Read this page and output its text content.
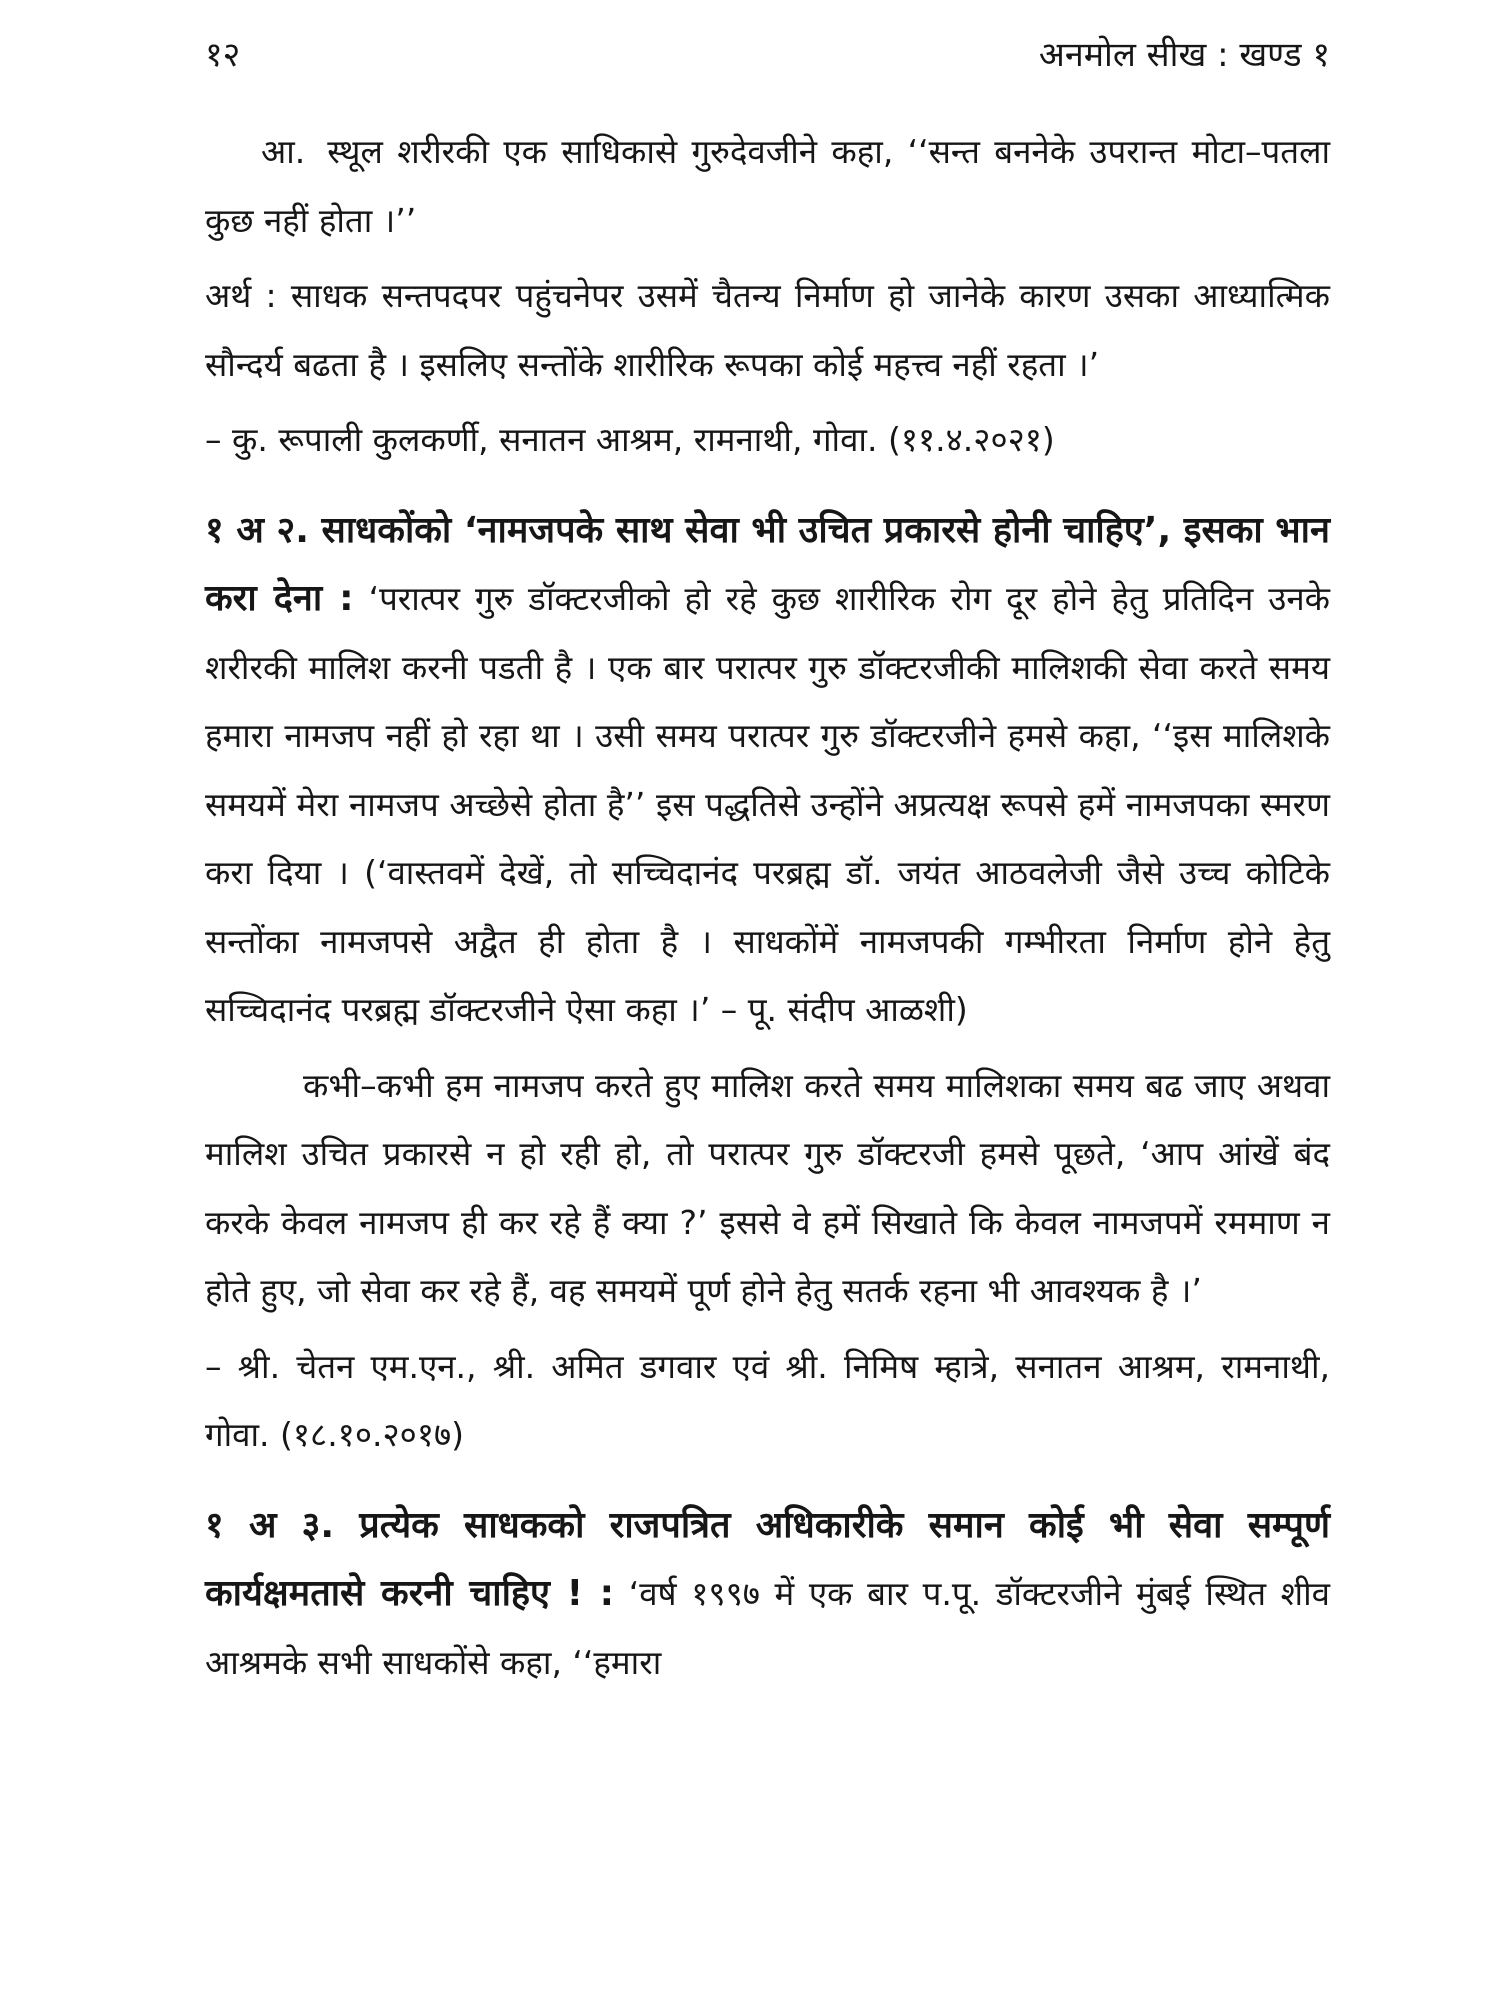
१२	अनमोल सीख : खण्ड १

आ. स्थूल शरीरकी एक साधिकासे गुरुदेवजीने कहा, ‘‘सन्त बननेके उपरान्त मोटा–पतला कुछ नहीं होता ।’’

अर्थ : साधक सन्तपदपर पहुंचनेपर उसमें चैतन्य निर्माण हो जानेके कारण उसका आध्यात्मिक सौन्दर्य बढता है । इसलिए सन्तोंके शारीरिक रूपका कोई महत्त्व नहीं रहता ।’

– कु. रूपाली कुलकर्णी, सनातन आश्रम, रामनाथी, गोवा. (११.४.२०२१)

१ अ २. साधकोंको ‘नामजपके साथ सेवा भी उचित प्रकारसे होनी चाहिए’, इसका भान करा देना : ‘परात्पर गुरु डॉक्टरजीको हो रहे कुछ शारीरिक रोग दूर होने हेतु प्रतिदिन उनके शरीरकी मालिश करनी पडती है । एक बार परात्पर गुरु डॉक्टरजीकी मालिशकी सेवा करते समय हमारा नामजप नहीं हो रहा था । उसी समय परात्पर गुरु डॉक्टरजीने हमसे कहा, ‘‘इस मालिशके समयमें मेरा नामजप अच्छेसे होता है’’ इस पद्धतिसे उन्होंने अप्रत्यक्ष रूपसे हमें नामजपका स्मरण करा दिया । (‘वास्तवमें देखें, तो सच्चिदानंद परब्रह्म डॉ. जयंत आठवलेजी जैसे उच्च कोटिके सन्तोंका नामजपसे अद्वैत ही होता है । साधकोंमें नामजपकी गम्भीरता निर्माण होने हेतु सच्चिदानंद परब्रह्म डॉक्टरजीने ऐसा कहा ।’ – पू. संदीप आळशी)

कभी–कभी हम नामजप करते हुए मालिश करते समय मालिशका समय बढ जाए अथवा मालिश उचित प्रकारसे न हो रही हो, तो परात्पर गुरु डॉक्टरजी हमसे पूछते, ‘आप आंखें बंद करके केवल नामजप ही कर रहे हैं क्या ?’ इससे वे हमें सिखाते कि केवल नामजपमें रममाण न होते हुए, जो सेवा कर रहे हैं, वह समयमें पूर्ण होने हेतु सतर्क रहना भी आवश्यक है ।’

– श्री. चेतन एम.एन., श्री. अमित डगवार एवं श्री. निमिष म्हात्रे, सनातन आश्रम, रामनाथी, गोवा. (१८.१०.२०१७)

१ अ ३. प्रत्येक साधकको राजपत्रित अधिकारीके समान कोई भी सेवा सम्पूर्ण कार्यक्षमतासे करनी चाहिए ! : ‘वर्ष १९९७ में एक बार प.पू. डॉक्टरजीने मुंबई स्थित शीव आश्रमके सभी साधकोंसे कहा, ‘‘हमारा
